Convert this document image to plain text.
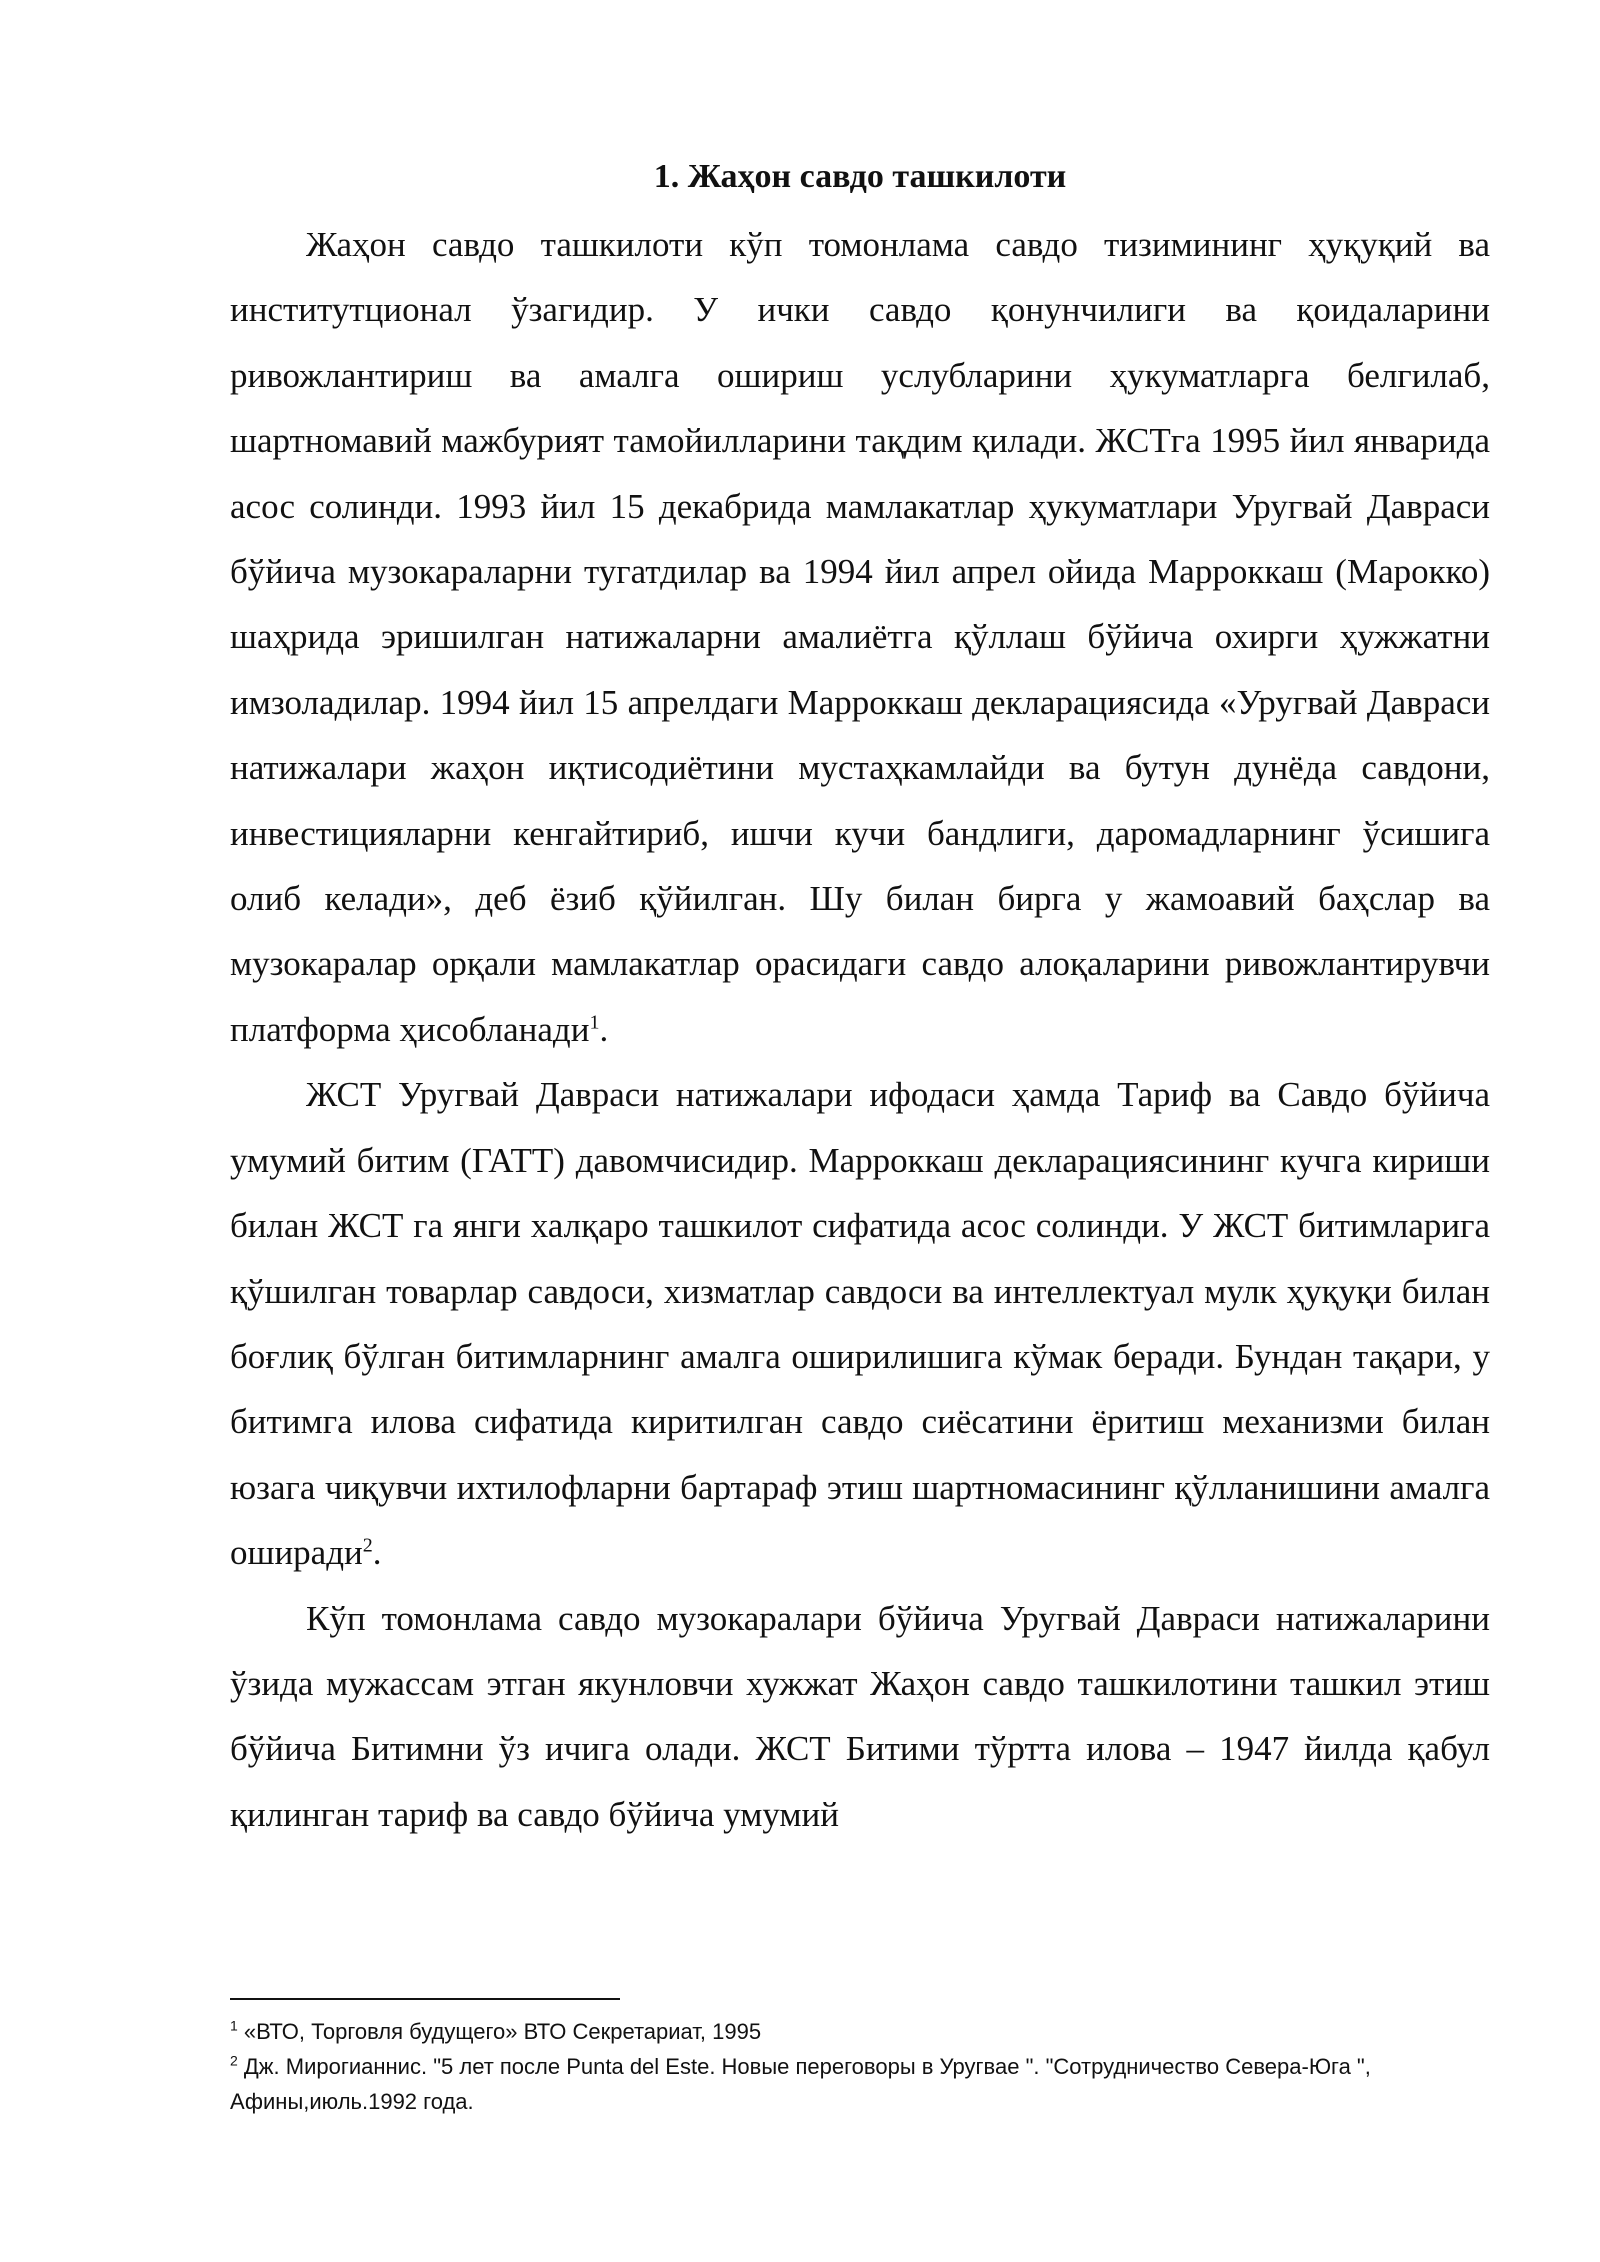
1. Жаҳон савдо ташкилоти

Жаҳон савдо ташкилоти кўп томонлама савдо тизимининг ҳуқуқий ва институтционал ўзагидир. У ички савдо қонунчилиги ва қоидаларини ривожлантириш ва амалга ошириш услубларини ҳукуматларга белгилаб, шартномавий мажбурият тамойилларини тақдим қилади. ЖСТга 1995 йил январида асос солинди. 1993 йил 15 декабрида мамлакатлар ҳукуматлари Уругвай Давраси бўйича музокараларни тугатдилар ва 1994 йил апрел ойида Марроккаш (Марокко) шаҳрида эришилган натижаларни амалиётга қўллаш бўйича охирги ҳужжатни имзоладилар. 1994 йил 15 апрелдаги Марроккаш декларациясида «Уругвай Давраси натижалари жаҳон иқтисодиётини мустаҳкамлайди ва бутун дунёда савдони, инвестицияларни кенгайтириб, ишчи кучи бандлиги, даромадларнинг ўсишига олиб келади», деб ёзиб қўйилган. Шу билан бирга у жамоавий баҳслар ва музокаралар орқали мамлакатлар орасидаги савдо алоқаларини ривожлантирувчи платформа ҳисобланади$^1$.

ЖСТ Уругвай Давраси натижалари ифодаси ҳамда Тариф ва Савдо бўйича умумий битим (ГАТТ) давомчисидир. Марроккаш декларациясининг кучга кириши билан ЖСТ га янги халқаро ташкилот сифатида асос солинди. У ЖСТ битимларига қўшилган товарлар савдоси, хизматлар савдоси ва интеллектуал мулк ҳуқуқи билан боғлиқ бўлган битимларнинг амалга оширилишига кўмак беради. Бундан тақари, у битимга илова сифатида киритилган савдо сиёсатини ёритиш механизми билан юзага чиқувчи ихтилофларни бартараф этиш шартномасининг қўлланишини амалга оширади$^2$.

Кўп томонлама савдо музокаралари бўйича Уругвай Давраси натижаларини ўзида мужассам этган якунловчи хужжат Жаҳон савдо ташкилотини ташкил этиш бўйича Битимни ўз ичига олади. ЖСТ Битими тўртта илова – 1947 йилда қабул қилинган тариф ва савдо бўйича умумий

$^1$ «ВТО, Торговля будущего» ВТО Секретариат, 1995

$^2$ Дж. Мирогианнис. "5 лет после Punta del Este. Новые переговоры в Уругвае ". "Сотрудничество Севера-Юга ", Афины,июль.1992 года.
